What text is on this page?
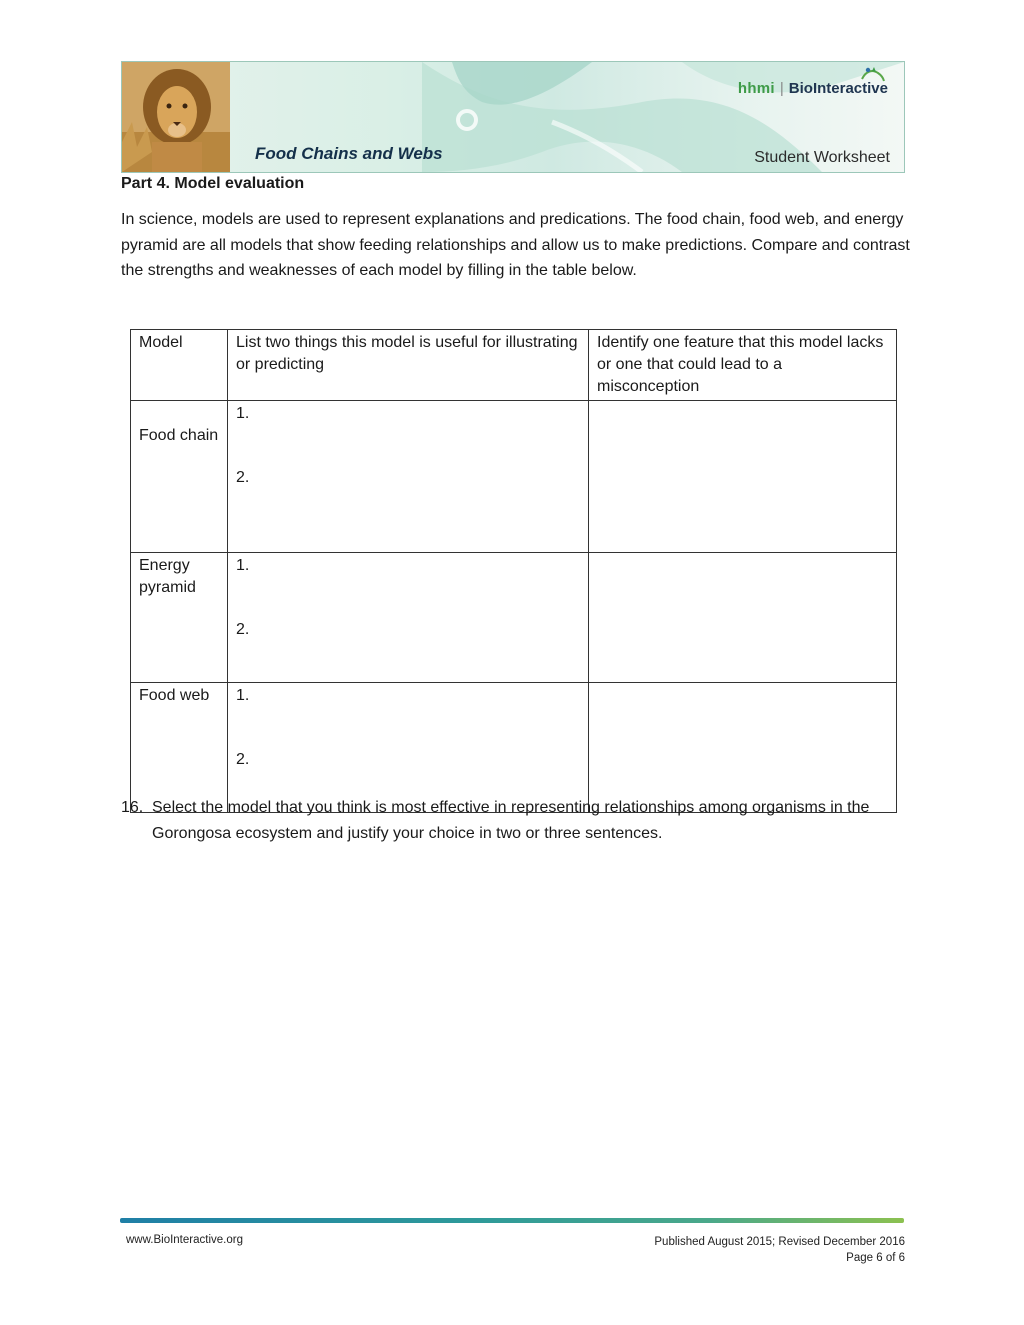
hhmi | BioInteractive
Food Chains and Webs	Student Worksheet
Part 4. Model evaluation
In science, models are used to represent explanations and predications. The food chain, food web, and energy pyramid are all models that show feeding relationships and allow us to make predictions. Compare and contrast the strengths and weaknesses of each model by filling in the table below.
Model	List two things this model is useful for illustrating or predicting	Identify one feature that this model lacks or one that could lead to a misconception
Food chain	1.
2.	

Energy pyramid	1.
2.	

Food web	1.
2.	

16. Select the model that you think is most effective in representing relationships among organisms in the Gorongosa ecosystem and justify your choice in two or three sentences.
www.BioInteractive.org	Published August 2015; Revised December 2016
Page 6 of 6
